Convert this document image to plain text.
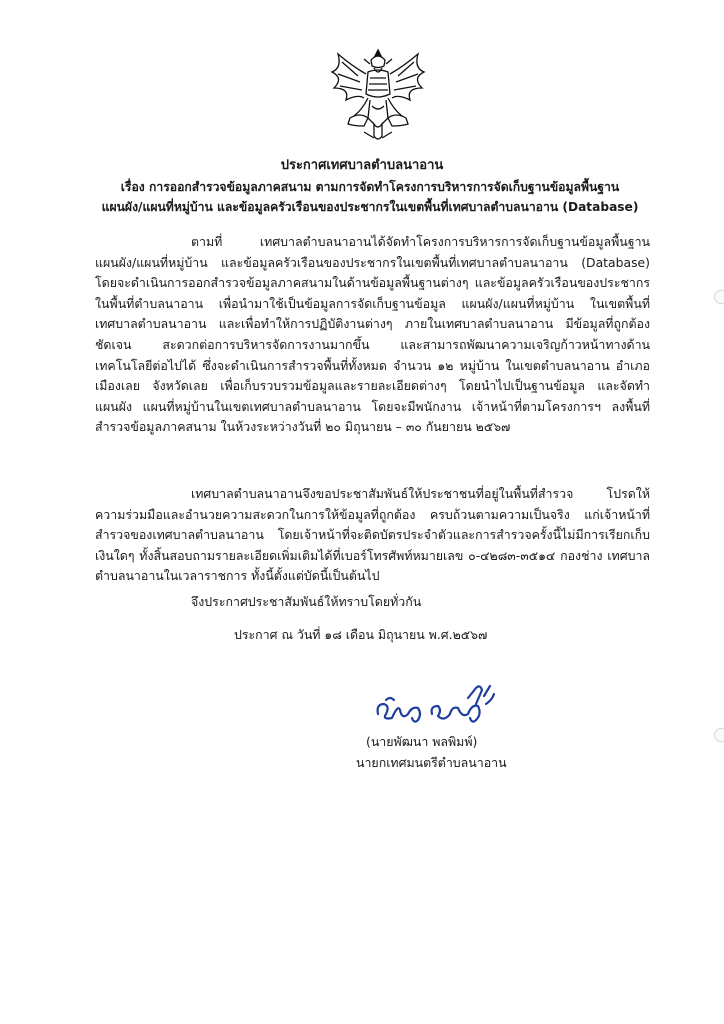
ประกาศเทศบาลตำบลนาอาน
เรื่อง การออกสำรวจข้อมูลภาคสนาม ตามการจัดทำโครงการบริหารการจัดเก็บฐานข้อมูลพื้นฐาน
แผนผัง/แผนที่หมู่บ้าน และข้อมูลครัวเรือนของประชากรในเขตพื้นที่เทศบาลตำบลนาอาน (Database)
ตามที่ เทศบาลตำบลนาอานได้จัดทำโครงการบริหารการจัดเก็บฐานข้อมูลพื้นฐาน แผนผัง/แผนที่หมู่บ้าน และข้อมูลครัวเรือนของประชากรในเขตพื้นที่เทศบาลตำบลนาอาน (Database) โดยจะดำเนินการออกสำรวจข้อมูลภาคสนามในด้านข้อมูลพื้นฐานต่างๆ และข้อมูลครัวเรือนของประชากรในพื้นที่ตำบลนาอาน เพื่อนำมาใช้เป็นข้อมูลการจัดเก็บฐานข้อมูล แผนผัง/แผนที่หมู่บ้าน ในเขตพื้นที่เทศบาลตำบลนาอาน และเพื่อทำให้การปฏิบัติงานต่างๆ ภายในเทศบาลตำบลนาอาน มีข้อมูลที่ถูกต้อง ชัดเจน สะดวกต่อการบริหารจัดการงานมากขึ้น และสามารถพัฒนาความเจริญก้าวหน้าทางด้านเทคโนโลยีต่อไปได้ ซึ่งจะดำเนินการสำรวจพื้นที่ทั้งหมด จำนวน ๑๒ หมู่บ้าน ในเขตตำบลนาอาน อำเภอเมืองเลย จังหวัดเลย เพื่อเก็บรวบรวมข้อมูลและรายละเอียดต่างๆ โดยนำไปเป็นฐานข้อมูล และจัดทำแผนผัง แผนที่หมู่บ้านในเขตเทศบาลตำบลนาอาน โดยจะมีพนักงาน เจ้าหน้าที่ตามโครงการฯ ลงพื้นที่สำรวจข้อมูลภาคสนาม ในห้วงระหว่างวันที่ ๒๐ มิถุนายน – ๓๐ กันยายน ๒๕๖๗
เทศบาลตำบลนาอานจึงขอประชาสัมพันธ์ให้ประชาชนที่อยู่ในพื้นที่สำรวจ โปรดให้ความร่วมมือและอำนวยความสะดวกในการให้ข้อมูลที่ถูกต้อง ครบถ้วนตามความเป็นจริง แก่เจ้าหน้าที่สำรวจของเทศบาลตำบลนาอาน โดยเจ้าหน้าที่จะติดบัตรประจำตัวและการสำรวจครั้งนี้ไม่มีการเรียกเก็บเงินใดๆ ทั้งสิ้นสอบถามรายละเอียดเพิ่มเติมได้ที่เบอร์โทรศัพท์หมายเลข ๐-๔๒๘๓-๓๕๑๔ กองช่าง เทศบาลตำบลนาอานในเวลาราชการ ทั้งนี้ตั้งแต่บัดนี้เป็นต้นไป
จึงประกาศประชาสัมพันธ์ให้ทราบโดยทั่วกัน
ประกาศ ณ วันที่ ๑๘ เดือน มิถุนายน พ.ศ.๒๕๖๗
(นายพัฒนา พลพิมพ์)
นายกเทศมนตรีตำบลนาอาน
